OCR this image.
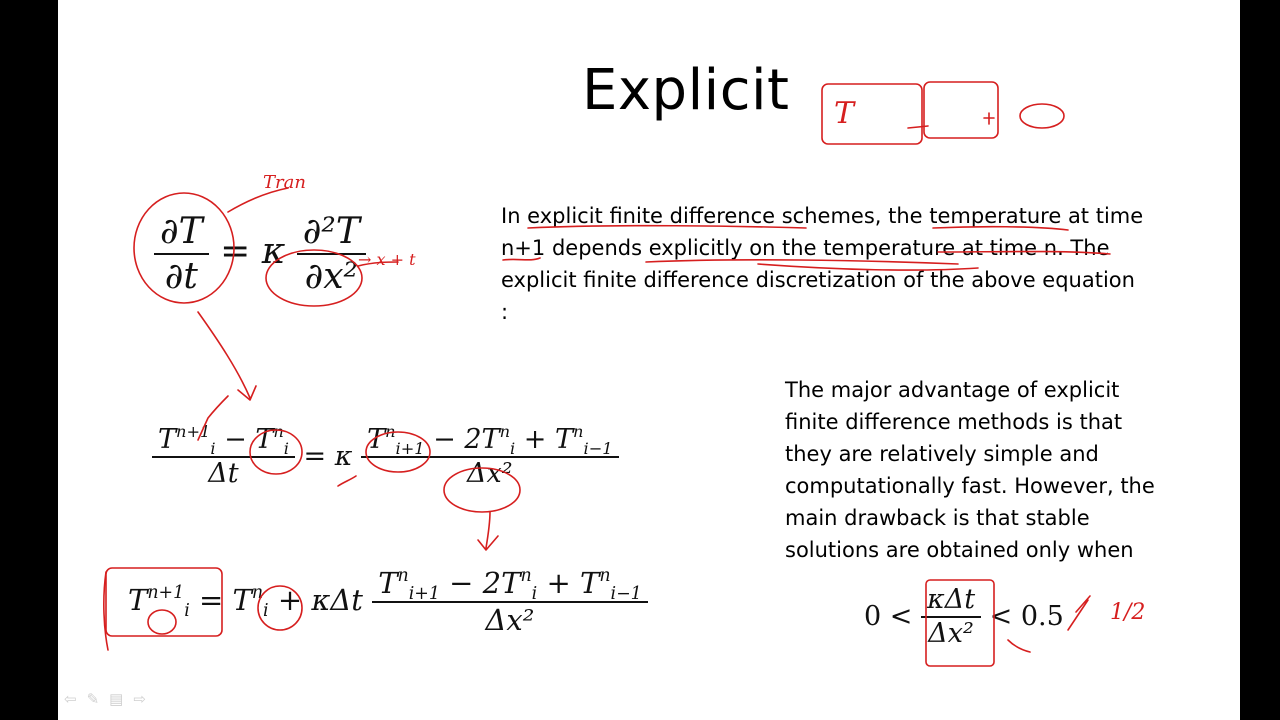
Explicit
In explicit finite difference schemes, the temperature at time
n+1 depends explicitly on the temperature at time n. The
explicit finite difference discretization of the above equation
:
The major advantage of explicit
finite difference methods is that
they are relatively simple and
computationally fast. However, the
main drawback is that stable
solutions are obtained only when
$\frac{\partial T}{\partial t} = \kappa \frac{\text{∂²T}}{\text{∂x²}}$
$\frac{T^{n+1}_i - T^n_i}{\Delta t} = \kappa \frac{T^n_{i+1} - 2T^n_i + T^n_{i-1}}{\text{Δx²}}$
$T^{n+1}_i = T^n_i + \kappa\Delta t \frac{T^n_{i+1} - 2T^n_i + T^n_{i-1}}{\text{Δx²}}$	$0 < \frac{\text{κΔt}}{\text{Δx²}} < 0.5$
Tran
→ x + t
T
1/2
⇦ ✎ ▤ ⇨
